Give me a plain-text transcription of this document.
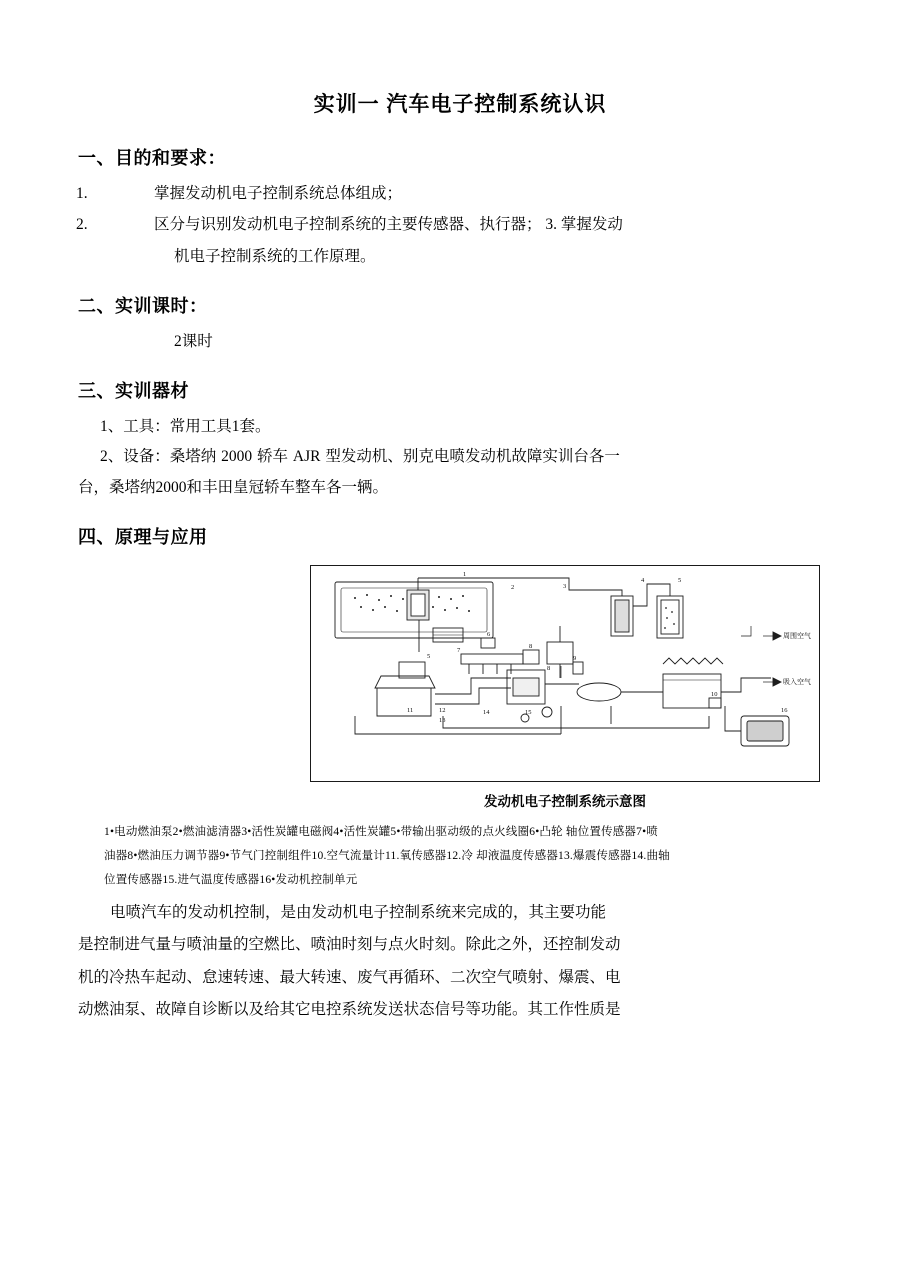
实训一 汽车电子控制系统认识
一、目的和要求：
1.	掌握发动机电子控制系统总体组成；
2.	区分与识别发动机电子控制系统的主要传感器、执行器； 3. 掌握发动
机电子控制系统的工作原理。
二、实训课时：
2课时
三、实训器材
1、工具：常用工具1套。
2、设备：桑塔纳 2000 轿车 AJR 型发动机、别克电喷发动机故障实训台各一
台，桑塔纳2000和丰田皇冠轿车整车各一辆。
四、原理与应用
1
2	3
4	5
5
7
6
8
8
9
10
11	12
13
14	15	16
周围空气
吸入空气
发动机电子控制系统示意图
1•电动燃油泵2•燃油滤清器3•活性炭罐电磁阀4•活性炭罐5•带输出驱动级的点火线圈6•凸轮 轴位置传感器7•喷
油器8•燃油压力调节器9•节气门控制组件10.空气流量计11.氧传感器12.冷 却液温度传感器13.爆震传感器14.曲轴
位置传感器15.进气温度传感器16•发动机控制单元
电喷汽车的发动机控制，是由发动机电子控制系统来完成的，其主要功能
是控制进气量与喷油量的空燃比、喷油时刻与点火时刻。除此之外，还控制发动
机的冷热车起动、怠速转速、最大转速、废气再循环、二次空气喷射、爆震、电
动燃油泵、故障自诊断以及给其它电控系统发送状态信号等功能。其工作性质是
